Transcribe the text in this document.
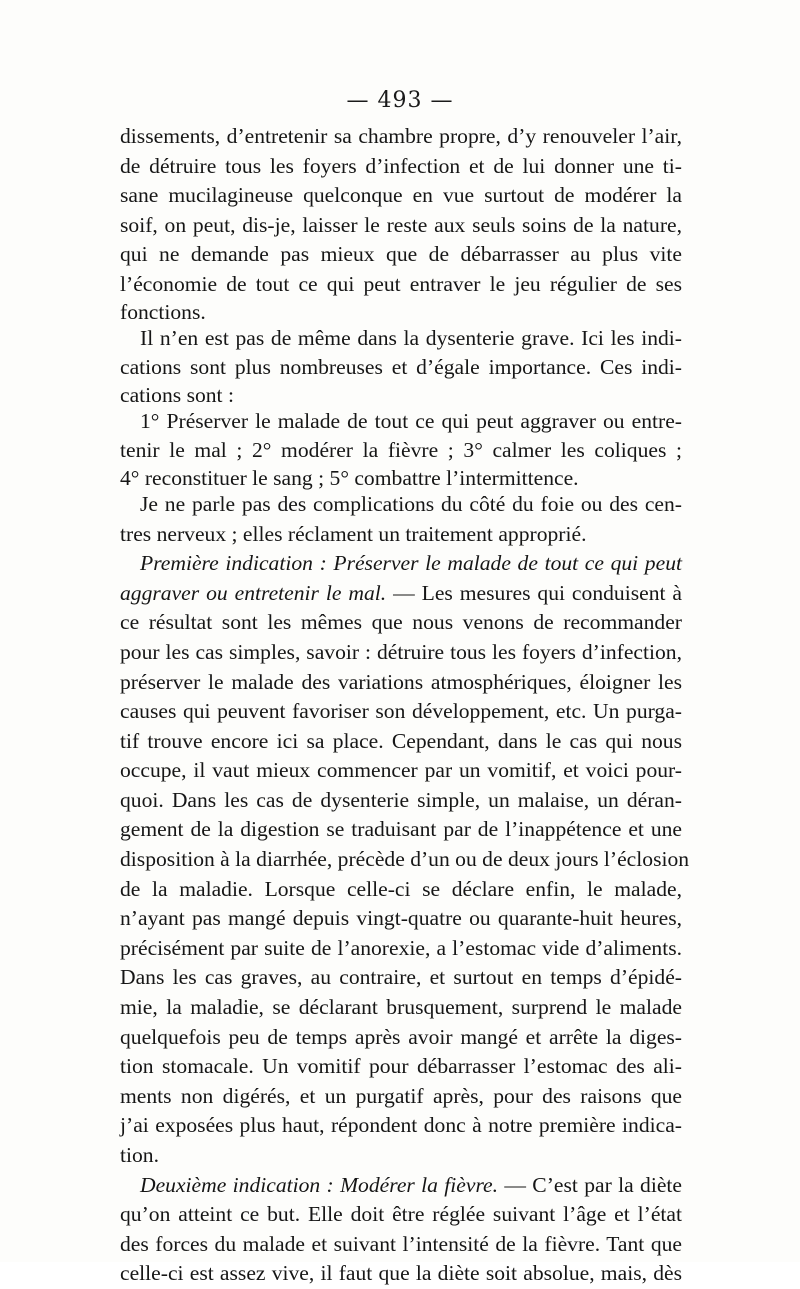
— 493 —
dissements, d’entretenir sa chambre propre, d’y renouveler l’air,
de détruire tous les foyers d’infection et de lui donner une ti-
sane mucilagineuse quelconque en vue surtout de modérer la
soif, on peut, dis-je, laisser le reste aux seuls soins de la nature,
qui ne demande pas mieux que de débarrasser au plus vite
l’économie de tout ce qui peut entraver le jeu régulier de ses
fonctions.
Il n’en est pas de même dans la dysenterie grave. Ici les indi-
cations sont plus nombreuses et d’égale importance. Ces indi-
cations sont :
1° Préserver le malade de tout ce qui peut aggraver ou entre-
tenir le mal ; 2° modérer la fièvre ; 3° calmer les coliques ;
4° reconstituer le sang ; 5° combattre l’intermittence.
Je ne parle pas des complications du côté du foie ou des cen-
tres nerveux ; elles réclament un traitement approprié.
Première indication : Préserver le malade de tout ce qui peut
aggraver ou entretenir le mal. — Les mesures qui conduisent à
ce résultat sont les mêmes que nous venons de recommander
pour les cas simples, savoir : détruire tous les foyers d’infection,
préserver le malade des variations atmosphériques, éloigner les
causes qui peuvent favoriser son développement, etc. Un purga-
tif trouve encore ici sa place. Cependant, dans le cas qui nous
occupe, il vaut mieux commencer par un vomitif, et voici pour-
quoi. Dans les cas de dysenterie simple, un malaise, un déran-
gement de la digestion se traduisant par de l’inappétence et une
disposition à la diarrhée, précède d’un ou de deux jours l’éclosion
de la maladie. Lorsque celle-ci se déclare enfin, le malade,
n’ayant pas mangé depuis vingt-quatre ou quarante-huit heures,
précisément par suite de l’anorexie, a l’estomac vide d’aliments.
Dans les cas graves, au contraire, et surtout en temps d’épidé-
mie, la maladie, se déclarant brusquement, surprend le malade
quelquefois peu de temps après avoir mangé et arrête la diges-
tion stomacale. Un vomitif pour débarrasser l’estomac des ali-
ments non digérés, et un purgatif après, pour des raisons que
j’ai exposées plus haut, répondent donc à notre première indica-
tion.
Deuxième indication : Modérer la fièvre. — C’est par la diète
qu’on atteint ce but. Elle doit être réglée suivant l’âge et l’état
des forces du malade et suivant l’intensité de la fièvre. Tant que
celle-ci est assez vive, il faut que la diète soit absolue, mais, dès
